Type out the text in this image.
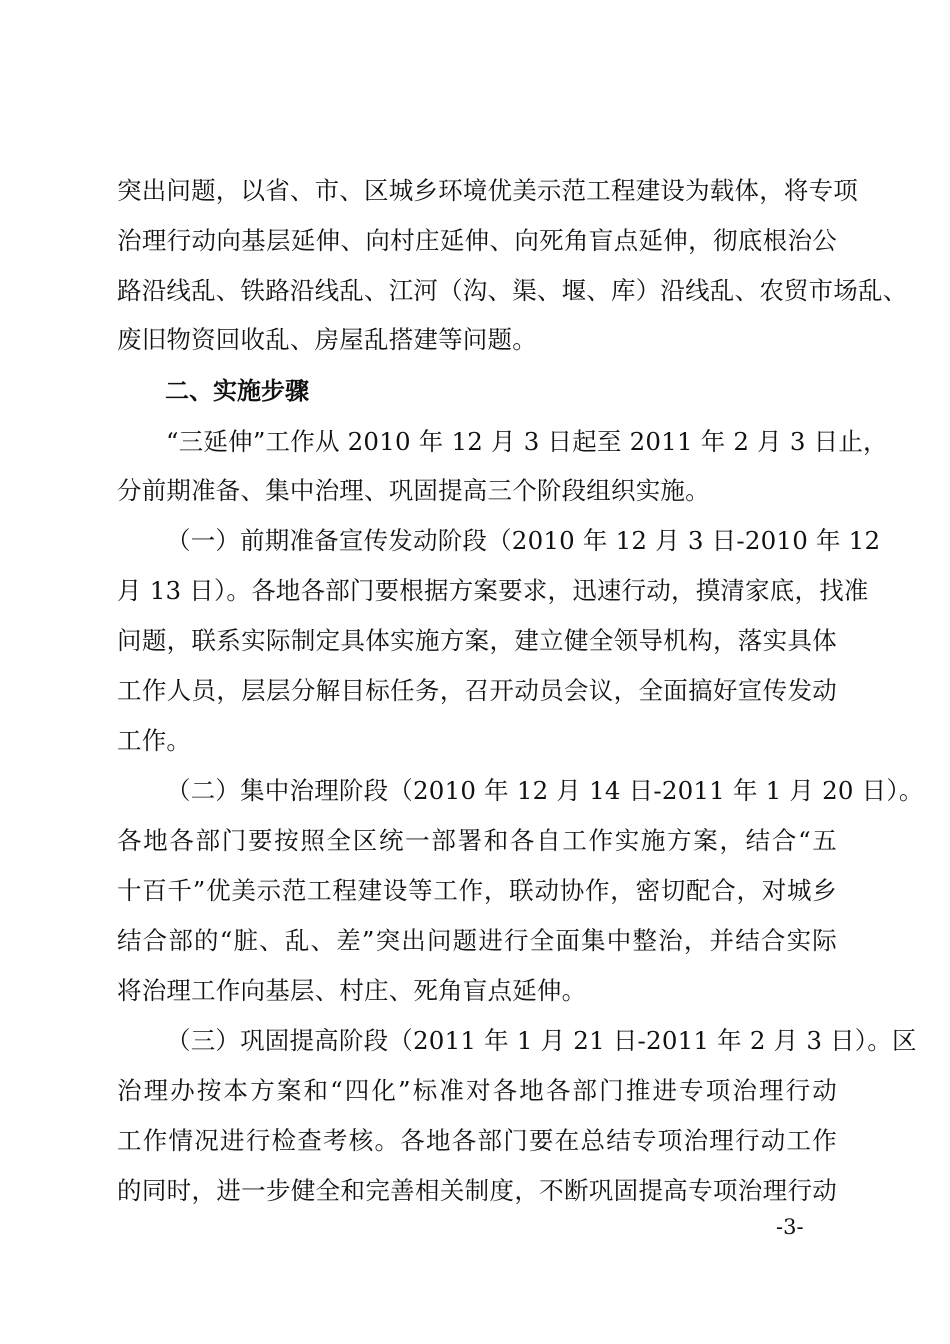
突出问题，以省、市、区城乡环境优美示范工程建设为载体，将专项
治理行动向基层延伸、向村庄延伸、向死角盲点延伸，彻底根治公
路沿线乱、铁路沿线乱、江河（沟、渠、堰、库）沿线乱、农贸市场乱、
废旧物资回收乱、房屋乱搭建等问题。
二、实施步骤
“三延伸”工作从 2010 年 12 月 3 日起至 2011 年 2 月 3 日止，
分前期准备、集中治理、巩固提高三个阶段组织实施。
（一）前期准备宣传发动阶段（2010 年 12 月 3 日-2010 年 12
月 13 日）。各地各部门要根据方案要求，迅速行动，摸清家底，找准
问题，联系实际制定具体实施方案，建立健全领导机构，落实具体
工作人员，层层分解目标任务，召开动员会议，全面搞好宣传发动
工作。
（二）集中治理阶段（2010 年 12 月 14 日-2011 年 1 月 20 日）。
各地各部门要按照全区统一部署和各自工作实施方案，结合“五
十百千”优美示范工程建设等工作，联动协作，密切配合，对城乡
结合部的“脏、乱、差”突出问题进行全面集中整治，并结合实际
将治理工作向基层、村庄、死角盲点延伸。
（三）巩固提高阶段（2011 年 1 月 21 日-2011 年 2 月 3 日）。区
治理办按本方案和“四化”标准对各地各部门推进专项治理行动
工作情况进行检查考核。各地各部门要在总结专项治理行动工作
的同时，进一步健全和完善相关制度，不断巩固提高专项治理行动
-3-
